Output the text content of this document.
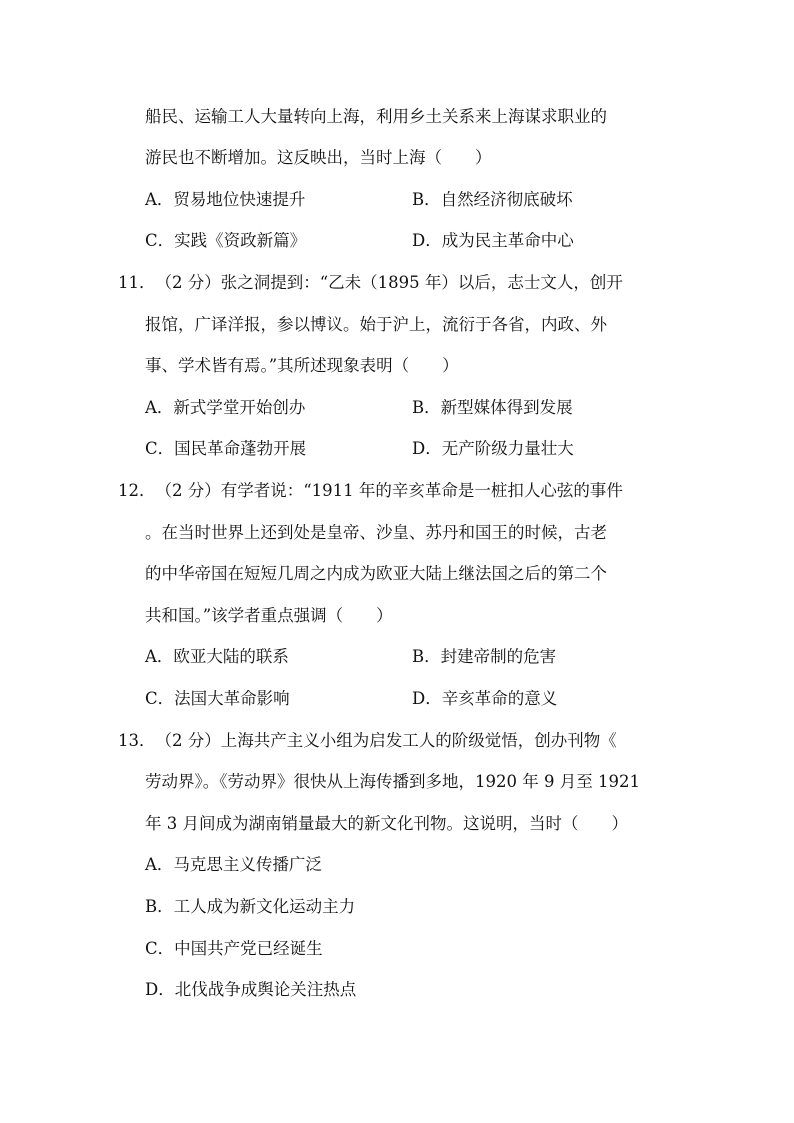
船民、运输工人大量转向上海，利用乡土关系来上海谋求职业的
游民也不断增加。这反映出，当时上海（　　）
A．贸易地位快速提升	B．自然经济彻底破坏
C．实践《资政新篇》	D．成为民主革命中心
11．（2 分）张之洞提到：“乙未（1895 年）以后，志士文人，创开
报馆，广译洋报，参以博议。始于沪上，流衍于各省，内政、外
事、学术皆有焉。”其所述现象表明（　　）
A．新式学堂开始创办	B．新型媒体得到发展
C．国民革命蓬勃开展	D．无产阶级力量壮大
12．（2 分）有学者说：“1911 年的辛亥革命是一桩扣人心弦的事件
。在当时世界上还到处是皇帝、沙皇、苏丹和国王的时候，古老
的中华帝国在短短几周之内成为欧亚大陆上继法国之后的第二个
共和国。”该学者重点强调（　　）
A．欧亚大陆的联系	B．封建帝制的危害
C．法国大革命影响	D．辛亥革命的意义
13．（2 分）上海共产主义小组为启发工人的阶级觉悟，创办刊物《
劳动界》。《劳动界》很快从上海传播到多地，1920 年 9 月至 1921
年 3 月间成为湖南销量最大的新文化刊物。这说明，当时（　　）
A．马克思主义传播广泛
B．工人成为新文化运动主力
C．中国共产党已经诞生
D．北伐战争成舆论关注热点
